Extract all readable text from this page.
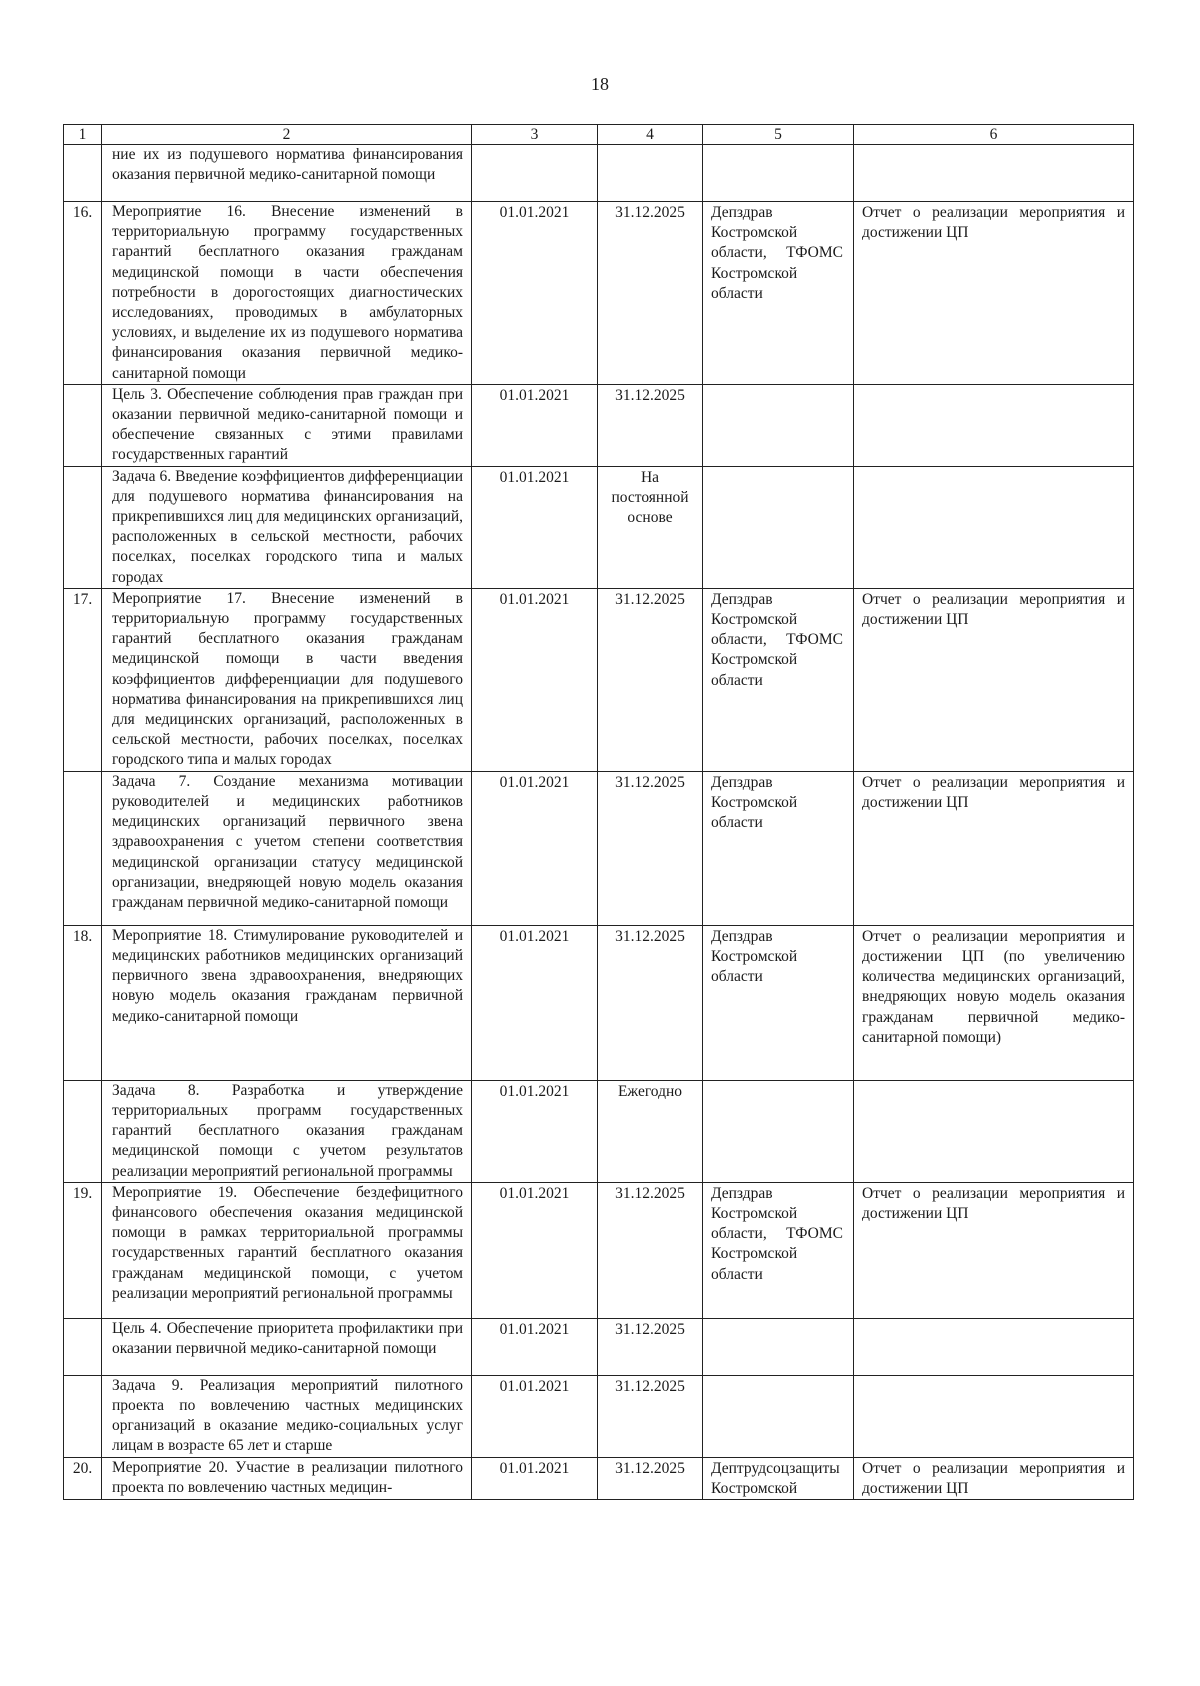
18
1	2	3	4	5	6
	ние их из подушевого норматива финансирования оказания первичной медико-санитарной помощи				
16.	Мероприятие 16. Внесение изменений в территориальную программу государственных гарантий бесплатного оказания гражданам медицинской помощи в части обеспечения потребности в дорогостоящих диагностических исследованиях, проводимых в амбулаторных условиях, и выделение их из подушевого норматива финансирования оказания первичной медико-санитарной помощи	01.01.2021	31.12.2025	Депздрав Костромской области, ТФОМС Костромской области	Отчет о реализации мероприятия и достижении ЦП
	Цель 3. Обеспечение соблюдения прав граждан при оказании первичной медико-санитарной помощи и обеспечение связанных с этими правилами государственных гарантий	01.01.2021	31.12.2025		
	Задача 6. Введение коэффициентов дифференциации для подушевого норматива финансирования на прикрепившихся лиц для медицинских организаций, расположенных в сельской местности, рабочих поселках, поселках городского типа и малых городах	01.01.2021	На постоянной основе		
17.	Мероприятие 17. Внесение изменений в территориальную программу государственных гарантий бесплатного оказания гражданам медицинской помощи в части введения коэффициентов дифференциации для подушевого норматива финансирования на прикрепившихся лиц для медицинских организаций, расположенных в сельской местности, рабочих поселках, поселках городского типа и малых городах	01.01.2021	31.12.2025	Депздрав Костромской области, ТФОМС Костромской области	Отчет о реализации мероприятия и достижении ЦП
	Задача 7. Создание механизма мотивации руководителей и медицинских работников медицинских организаций первичного звена здравоохранения с учетом степени соответствия медицинской организации статусу медицинской организации, внедряющей новую модель оказания гражданам первичной медико-санитарной помощи	01.01.2021	31.12.2025	Депздрав Костромской области	Отчет о реализации мероприятия и достижении ЦП
18.	Мероприятие 18. Стимулирование руководителей и медицинских работников медицинских организаций первичного звена здравоохранения, внедряющих новую модель оказания гражданам первичной медико-санитарной помощи	01.01.2021	31.12.2025	Депздрав Костромской области	Отчет о реализации мероприятия и достижении ЦП (по увеличению количества медицинских организаций, внедряющих новую модель оказания гражданам первичной медико-санитарной помощи)
	Задача 8. Разработка и утверждение территориальных программ государственных гарантий бесплатного оказания гражданам медицинской помощи с учетом результатов реализации мероприятий региональной программы	01.01.2021	Ежегодно		
19.	Мероприятие 19. Обеспечение бездефицитного финансового обеспечения оказания медицинской помощи в рамках территориальной программы государственных гарантий бесплатного оказания гражданам медицинской помощи, с учетом реализации мероприятий региональной программы	01.01.2021	31.12.2025	Депздрав Костромской области, ТФОМС Костромской области	Отчет о реализации мероприятия и достижении ЦП
	Цель 4. Обеспечение приоритета профилактики при оказании первичной медико-санитарной помощи	01.01.2021	31.12.2025		
	Задача 9. Реализация мероприятий пилотного проекта по вовлечению частных медицинских организаций в оказание медико-социальных услуг лицам в возрасте 65 лет и старше	01.01.2021	31.12.2025		
20.	Мероприятие 20. Участие в реализации пилотного проекта по вовлечению частных медицин-	01.01.2021	31.12.2025	Дептрудсоцзащиты Костромской	Отчет о реализации мероприятия и достижении ЦП
